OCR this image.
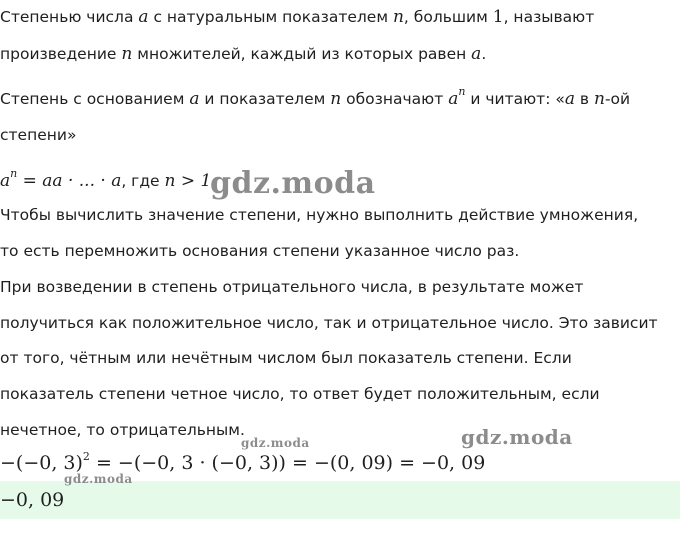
Степенью числа a с натуральным показателем n, большим 1, называют
произведение n множителей, каждый из которых равен a.
Степень с основанием a и показателем n обозначают $a^n$ и читают: «a в n-ой
степени»
$a^n$ = aa · ... · a, где n > 1
Чтобы вычислить значение степени, нужно выполнить действие умножения,
то есть перемножить основания степени указанное число раз.
При возведении в степень отрицательного числа, в результате может
получиться как положительное число, так и отрицательное число. Это зависит
от того, чётным или нечётным числом был показатель степени. Если
показатель степени четное число, то ответ будет положительным, если
нечетное, то отрицательным.
−(−0, 3)$^2$ = −(−0, 3 · (−0, 3)) = −(0, 09) = −0, 09
−0, 09
gdz.moda
gdz.moda
gdz.moda
gdz.moda
